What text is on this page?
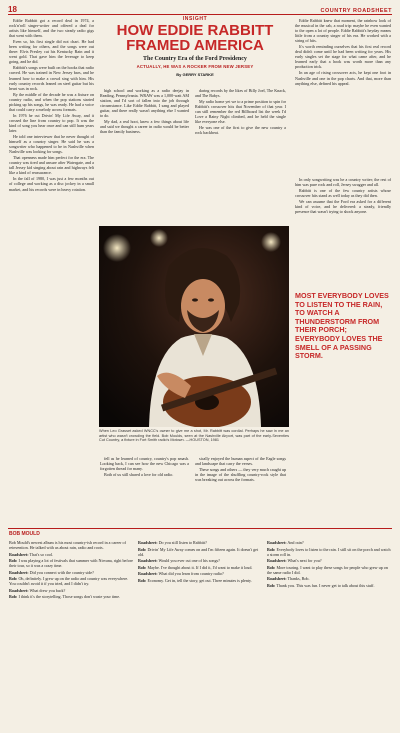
18	COUNTRY ROADSHEET

Eddie Rabbitt got a record deal in 1974, a rock'n'roll singer-writer and offered a deal for artists like himself, and the two steady radio gigs that went with them.

Even so, his first single did not chart. He had been writing for others, and the songs were out there: Elvis Presley cut his Kentucky Rain and it went gold. That gave him the leverage to keep going, and he did.

Rabbitt's songs were built on the hooks that radio craved. He was trained in New Jersey bars, and he learned how to make a crowd sing with him. His early country records leaned on steel guitar but his heart was in rock.

By the middle of the decade he was a fixture on country radio, and when the pop stations started picking up his songs, he was ready. He had a voice that could carry a melody across formats.

In 1976 he cut Drivin' My Life Away, and it crossed the line from country to pop. It was the kind of song you hear once and can still hum years later.

He told one interviewer that he never thought of himself as a country singer. He said he was a songwriter who happened to be in Nashville when Nashville was looking for songs.

That openness made him perfect for the era. The country was tired and unsure after Watergate, and a tall Jersey kid singing about rain and highways felt like a kind of reassurance.

In the fall of 1980, I was just a few months out of college and working as a disc jockey in a small market, and his records were in heavy rotation.

INSIGHT
HOW EDDIE RABBITT FRAMED AMERICA
The Country Era of the Ford Presidency
ACTUALLY, HE WAS A ROCKER FROM NEW JERSEY
By GERRY STARKE

high school and working as a radio deejay in Reading, Pennsylvania. WRAW was a 1,000-watt AM station, and I'd sort of fallen into the job through circumstance. Like Eddie Rabbitt, I sang and played guitar, and there really wasn't anything else I wanted to do.

My dad, a real hoot, knew a few things about life and said we thought a career in radio would be better than the family business.

daring records by the likes of Billy Joel, The Knack, and The Babys.

My radio home yet we to a prime position to spin for Rabbitt's crossover hits that November of that year. I can still remember the red Billboard list the week I'd Love a Rainy Night climbed, and he held the single like everyone else.

He was one of the first to give the new country a rock backbeat.

When Leo Grasset asked WNCC's owner to give me a shot, Mr. Rabbitt was cordial. Perhaps he saw in me an artist who wasn't crowding the field. Bob Moulds, seen at the Nashville Airport, was part of the early-Seventies Cut Country, a fixture in Fort Smith radio's Motown. —HOUSTON, 1981

fell as he learned of country, country's pop smash. Looking back, I can see how the new Chicago was a forgotten thread for many.

Both of us still shared a love for old radio.

sically enjoyed the human aspect of the Eagle songs and landscape that carry the verses.

These songs and others — they very much caught up in the image of the shuffling country-rock style that was breaking out across the formats.

Eddie Rabbitt knew that moment, the rainbow look of the musical in the cab, a road trip: maybe he even wanted to the open a lot of people. Eddie Rabbitt's heyday means little from a country singer of his era. He worked with a string of hits.

It's worth reminding ourselves that his first real record deal didn't come until he had been writing for years. His early singles set the stage for what came after, and he learned early that a hook was worth more than any production trick.

In an age of rising crossover acts, he kept one foot in Nashville and one in the pop charts. And that, more than anything else, defined his appeal.

In only songwriting was he a country writer; the rest of him was pure rock and roll, Jersey swagger and all.

Rabbitt is one of the few country artists whose crossover hits stand as well today as they did then.

We can assume that the Ford era asked for a different kind of voice, and he delivered: a steady, friendly presence that wasn't trying to shock anyone.

MOST EVERYBODY LOVES TO LISTEN TO THE RAIN, TO WATCH A THUNDERSTORM FROM THEIR PORCH; EVERYBODY LOVES THE SMELL OF A PASSING STORM.
BOB MOULD

Bob Mould's newest album is his most country-ish record in a career of reinvention. He talked with us about rain, radio and roots.

Roadsheet: That's so cool.

Bob: I was playing a lot of festivals that summer with Nirvana, right before their tour, so it was a crazy time.

Roadsheet: Did you connect with the country side?

Bob: Oh, definitely. I grew up on the radio and country was everywhere. You couldn't avoid it if you tried, and I didn't try.

Roadsheet: What drew you back?

Bob: I think it's the storytelling. Those songs don't waste your time.

Roadsheet: Do you still listen to Rabbitt?

Bob: Drivin' My Life Away comes on and I'm fifteen again. It doesn't get old.

Roadsheet: Would you ever cut one of his songs?

Bob: Maybe. I've thought about it. If I did it, I'd want to make it loud.

Roadsheet: What did you learn from country radio?

Bob: Economy. Get in, tell the story, get out. Three minutes is plenty.

Roadsheet: And rain?

Bob: Everybody loves to listen to the rain. I still sit on the porch and watch a storm roll in.

Roadsheet: What's next for you?

Bob: More touring. I want to play these songs for people who grew up on the same radio I did.

Roadsheet: Thanks, Bob.

Bob: Thank you. This was fun. I never get to talk about this stuff.
